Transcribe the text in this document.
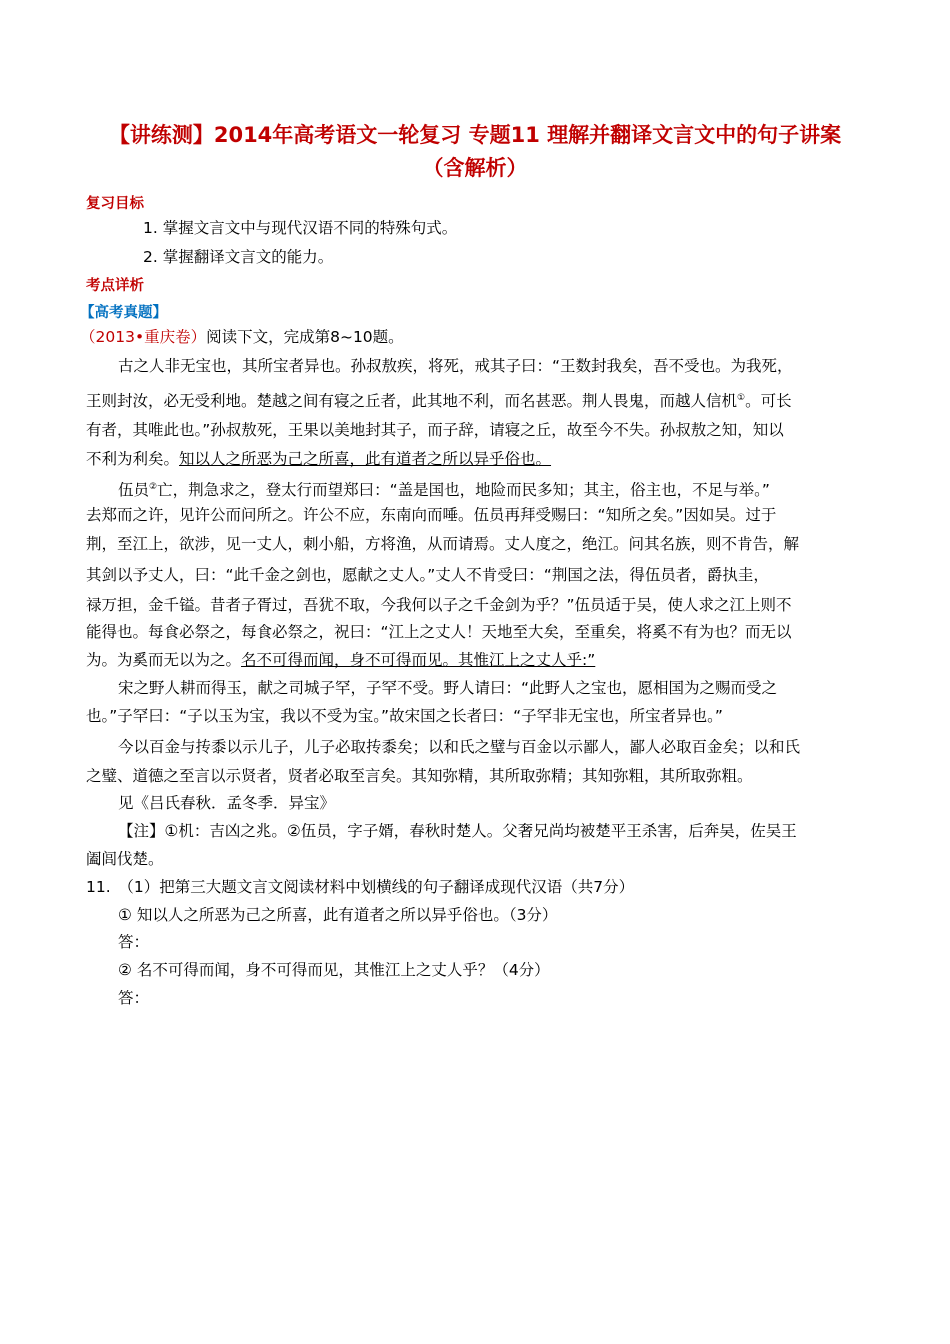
【讲练测】2014年高考语文一轮复习 专题11 理解并翻译文言文中的句子讲案
（含解析）
复习目标
1. 掌握文言文中与现代汉语不同的特殊句式。
2. 掌握翻译文言文的能力。
考点详析
【高考真题】
（2013•重庆卷）阅读下文，完成第8~10题。
古之人非无宝也，其所宝者异也。孙叔敖疾，将死，戒其子曰：“王数封我矣，吾不受也。为我死，
王则封汝，必无受利地。楚越之间有寝之丘者，此其地不利，而名甚恶。荆人畏鬼，而越人信机①。可长
有者，其唯此也。”孙叔敖死，王果以美地封其子，而子辞，请寝之丘，故至今不失。孙叔敖之知，知以
不利为利矣。知以人之所恶为己之所喜，此有道者之所以异乎俗也。
伍员②亡，荆急求之，登太行而望郑曰：“盖是国也，地险而民多知；其主，俗主也，不足与举。”
去郑而之许，见许公而问所之。许公不应，东南向而唾。伍员再拜受赐曰：“知所之矣。”因如吴。过于
荆，至江上，欲涉，见一丈人，刺小船，方将渔，从而请焉。丈人度之，绝江。问其名族，则不肯告，解
其剑以予丈人，曰：“此千金之剑也，愿献之丈人。”丈人不肯受曰：“荆国之法，得伍员者，爵执圭，
禄万担，金千镒。昔者子胥过，吾犹不取，今我何以子之千金剑为乎？”伍员适于吴，使人求之江上则不
能得也。每食必祭之，每食必祭之，祝曰：“江上之丈人！天地至大矣，至重矣，将奚不有为也？而无以
为。为奚而无以为之。名不可得而闻，身不可得而见。其惟江上之丈人乎:”
宋之野人耕而得玉，献之司城子罕，子罕不受。野人请曰：“此野人之宝也，愿相国为之赐而受之
也。”子罕曰：“子以玉为宝，我以不受为宝。”故宋国之长者曰：“子罕非无宝也，所宝者异也。”
今以百金与抟黍以示儿子，儿子必取抟黍矣；以和氏之璧与百金以示鄙人，鄙人必取百金矣；以和氏
之璧、道德之至言以示贤者，贤者必取至言矣。其知弥精，其所取弥精；其知弥粗，其所取弥粗。
见《吕氏春秋．孟冬季．异宝》
【注】①机：吉凶之兆。②伍员，字子婿，春秋时楚人。父奢兄尚均被楚平王杀害，后奔吴，佐吴王
阖闾伐楚。
11.　（1）把第三大题文言文阅读材料中划横线的句子翻译成现代汉语（共7分）
① 知以人之所恶为己之所喜，此有道者之所以异乎俗也。（3分）
答：
② 名不可得而闻，身不可得而见，其惟江上之丈人乎？（4分）
答：
